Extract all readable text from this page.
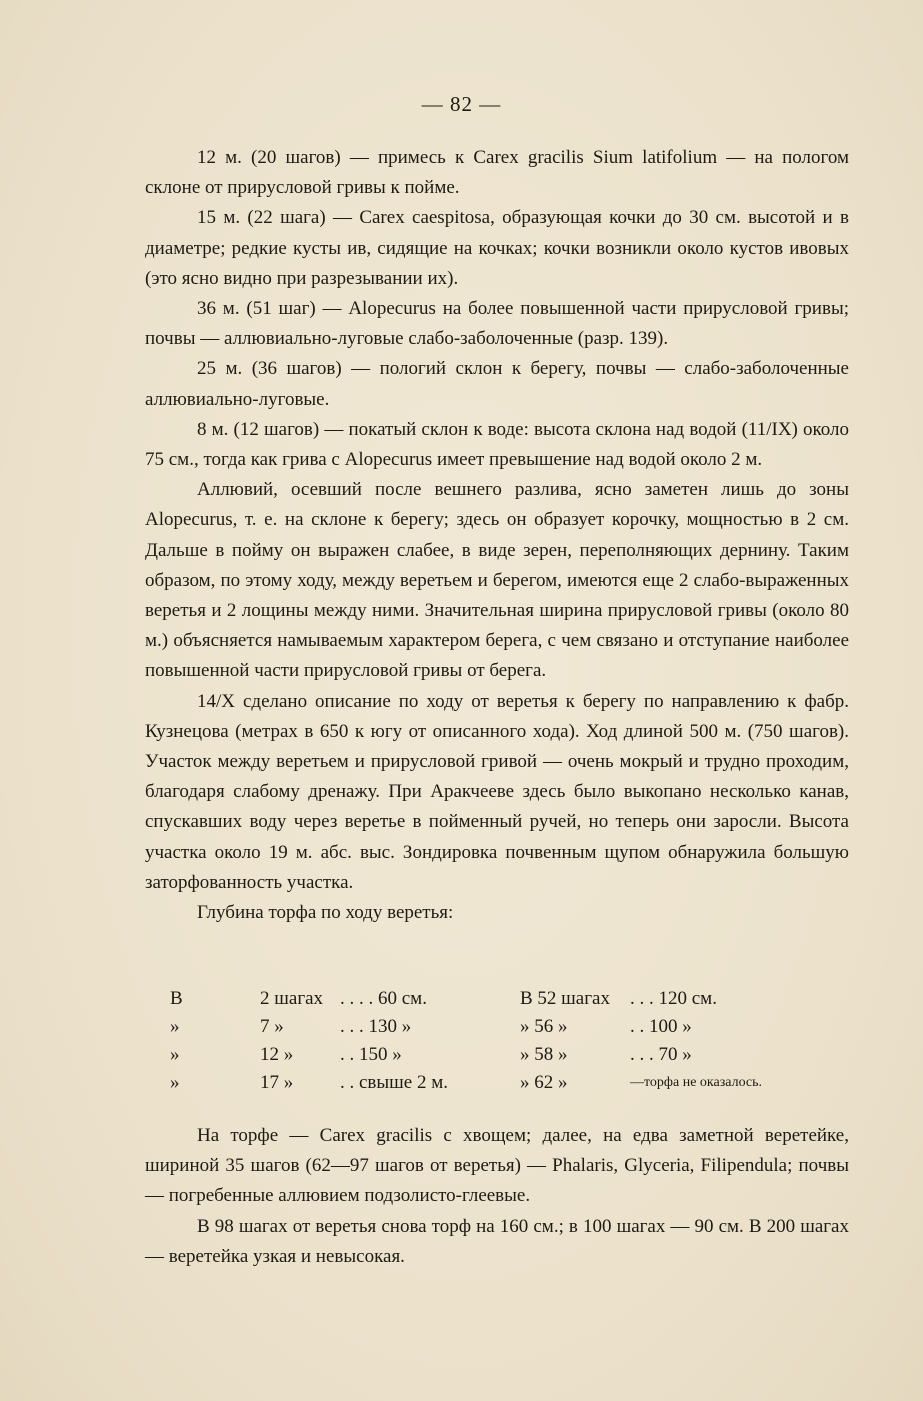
— 82 —

12 м. (20 шагов) — примесь к Carex gracilis Sium latifolium — на пологом склоне от прирусловой гривы к пойме.

15 м. (22 шага) — Carex caespitosa, образующая кочки до 30 см. высотой и в диаметре; редкие кусты ив, сидящие на кочках; кочки возникли около кустов ивовых (это ясно видно при разрезывании их).

36 м. (51 шаг) — Alopecurus на более повышенной части прирусловой гривы; почвы — аллювиально-луговые слабо-заболоченные (разр. 139).

25 м. (36 шагов) — пологий склон к берегу, почвы — слабо-заболоченные аллювиально-луговые.

8 м. (12 шагов) — покатый склон к воде: высота склона над водой (11/IX) около 75 см., тогда как грива с Alopecurus имеет превышение над водой около 2 м.

Аллювий, осевший после вешнего разлива, ясно заметен лишь до зоны Alopecurus, т. е. на склоне к берегу; здесь он образует корочку, мощностью в 2 см. Дальше в пойму он выражен слабее, в виде зерен, переполняющих дернину. Таким образом, по этому ходу, между веретьем и берегом, имеются еще 2 слабо-выраженных веретья и 2 лощины между ними. Значительная ширина прирусловой гривы (около 80 м.) объясняется намываемым характером берега, с чем связано и отступание наиболее повышенной части прирусловой гривы от берега.

14/X сделано описание по ходу от веретья к берегу по направлению к фабр. Кузнецова (метрах в 650 к югу от описанного хода). Ход длиной 500 м. (750 шагов). Участок между веретьем и прирусловой гривой — очень мокрый и трудно проходим, благодаря слабому дренажу. При Аракчееве здесь было выкопано несколько канав, спускавших воду через веретье в пойменный ручей, но теперь они заросли. Высота участка около 19 м. абс. выс. Зондировка почвенным щупом обнаружила большую заторфованность участка.

Глубина торфа по ходу веретья:

В	2 шагах . . . . 60 см.	В 52 шагах . . . 120 см.
»	7 »	. . . 130 »	» 56 »	. . 100 »
»	12 » . . 150 »	» 58 »	. . . 70 »
»	17 » . . свыше 2 м.	» 62 »	—торфа не оказалось.

На торфе — Carex gracilis с хвощем; далее, на едва заметной веретейке, шириной 35 шагов (62—97 шагов от веретья) — Phalaris, Glyceria, Filipendula; почвы — погребенные аллювием подзолисто-глеевые.

В 98 шагах от веретья снова торф на 160 см.; в 100 шагах — 90 см. В 200 шагах — веретейка узкая и невысокая.
